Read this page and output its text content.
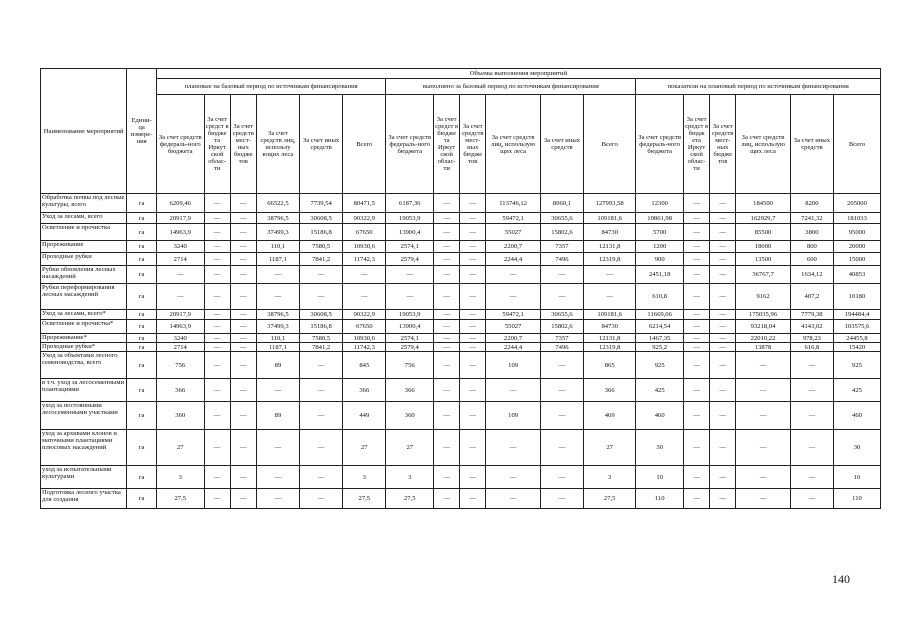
Наименование мероприятий	Едини-ца измере-ния	Объемы выполнения мероприятий																	
		плановые на базовый период по источникам финансирования						выполнено за базовый период по источникам финансирования						показатели на плановый период по источникам финансирования					
		За счет средств федераль-ного бюджета	За счет средст в бюдже та Иркут ской облас-ти	За счет средств мест-ных бюдже тов	За счет средств лиц, использу ющих леса	За счет иных средств	Всего	За счет средств федераль-ного бюджета	За счет средст в бюдже та Иркут ской облас-ти	За счет средств мест-ных бюдже тов	За счет средств лиц, использую щих леса	За счет иных средств	Всего	За счет средств федераль-ного бюджета	За счет средст в бюдж ета Иркут ской облас-ти	За счет средств мест-ных бюдже тов	За счет средств лиц, использую щих леса	За счет иных средств	Всего
Обработка почвы под лесные культуры, всего	га	6209,46	—	—	66522,5	7739,54	80471,5	6187,36	—	—	113746,12	8060,1	127993,58	12300	—	—	184500	8200	205000
Уход за лесами, всего	га	20917,9	—	—	38796,5	30608,5	90322,9	19053,9	—	—	59472,1	30655,6	109181,6	10861,98	—	—	162929,7	7241,32	181033
Осветление и прочистка	га	14963,9	—	—	37499,3	15186,8	67650	13900,4	—	—	55027	15802,6	84730	5700	—	—	85500	3800	95000
Прореживание	га	3240	—	—	110,1	7580,5	10930,6	2574,1	—	—	2200,7	7357	12131,8	1200	—	—	18000	800	20000
Проходные рубки	га	2714	—	—	1187,1	7841,2	11742,3	2579,4	—	—	2244,4	7496	12319,8	900	—	—	13500	600	15000
Рубки обновления лесных насаждений	га	—	—	—	—	—	—	—	—	—	—	—	—	2451,18	—	—	36767,7	1634,12	40853
Рубки переформирования лесных насаждений	га	—	—	—	—	—	—	—	—	—	—	—	—	610,8	—	—	9162	407,2	10180
Уход за лесами, всего*	га	20917,9	—	—	38796,5	30608,5	90322,9	19053,9	—	—	59472,1	30655,6	109181,6	11669,06	—	—	175035,96	7779,38	194484,4
Осветление и прочистка*	га	14963,9	—	—	37499,3	15186,8	67650	13900,4	—	—	55027	15802,6	84730	6214,54	—	—	93218,04	4143,02	103575,6
Прореживание*	га	3240	—	—	110,1	7580,5	10930,6	2574,1	—	—	2200,7	7357	12131,8	1467,35	—	—	22010,22	978,23	24455,8
Проходные рубки*	га	2714	—	—	1187,1	7841,2	11742,3	2579,4	—	—	2244,4	7496	12319,8	925,2	—	—	13878	616,8	15420
Уход за объектами лесного семеноводства, всего	га	756	—	—	89	—	845	756	—	—	109	—	865	925	—	—	—	—	925
в т.ч. уход за лесосеменными плантациями	га	366	—	—	—	—	366	366	—	—	—	—	366	425	—	—	—	—	425
уход за постоянными лесосеменными участками	га	360	—	—	89	—	449	360	—	—	109	—	469	460	—	—	—	—	460
уход за архивами клонов и маточными плантациями плюсовых насаждений	га	27	—	—	—	—	27	27	—	—	—	—	27	30	—	—	—	—	30
уход за испытательными культурами	га	3	—	—	—	—	3	3	—	—	—	—	3	10	—	—	—	—	10
Подготовка лесного участка для создания	га	27,5	—	—	—	—	27,5	27,5	—	—	—	—	27,5	110	—	—	—	—	110
140
